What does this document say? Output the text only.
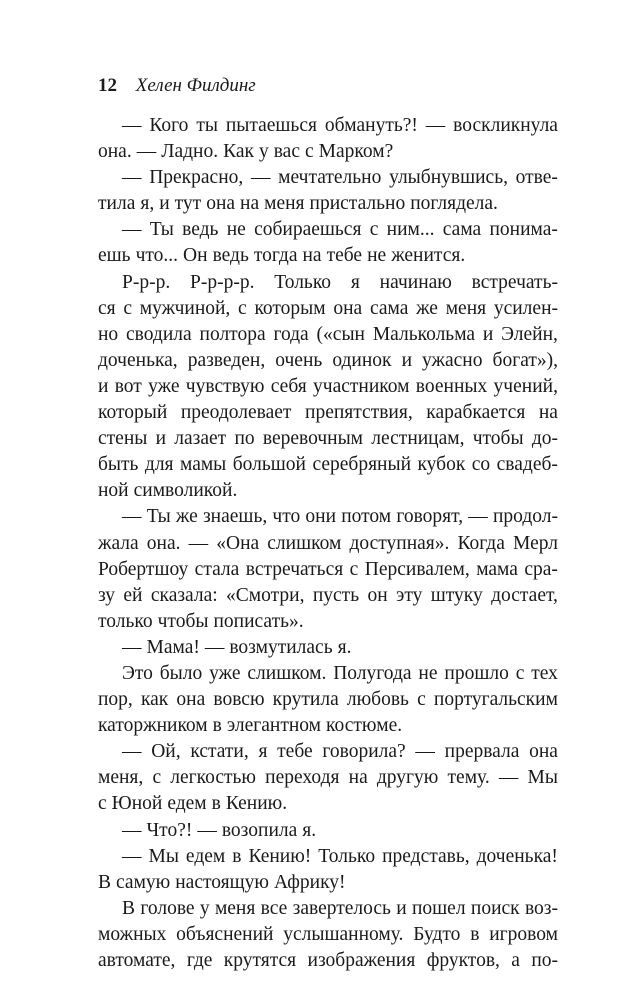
12 Хелен Филдинг
— Кого ты пытаешься обмануть?! — воскликнула
она. — Ладно. Как у вас с Марком?
— Прекрасно, — мечтательно улыбнувшись, отве-
тила я, и тут она на меня пристально поглядела.
— Ты ведь не собираешься с ним... сама понима-
ешь что... Он ведь тогда на тебе не женится.
Р-р-р. Р-р-р-р. Только я начинаю встречать-
ся с мужчиной, с которым она сама же меня усилен-
но сводила полтора года («сын Малькольма и Элейн,
доченька, разведен, очень одинок и ужасно богат»),
и вот уже чувствую себя участником военных учений,
который преодолевает препятствия, карабкается на
стены и лазает по веревочным лестницам, чтобы до-
быть для мамы большой серебряный кубок со свадеб-
ной символикой.
— Ты же знаешь, что они потом говорят, — продол-
жала она. — «Она слишком доступная». Когда Мерл
Робертшоу стала встречаться с Персивалем, мама сра-
зу ей сказала: «Смотри, пусть он эту штуку достает,
только чтобы пописать».
— Мама! — возмутилась я.
Это было уже слишком. Полугода не прошло с тех
пор, как она вовсю крутила любовь с португальским
каторжником в элегантном костюме.
— Ой, кстати, я тебе говорила? — прервала она
меня, с легкостью переходя на другую тему. — Мы
с Юной едем в Кению.
— Что?! — возопила я.
— Мы едем в Кению! Только представь, доченька!
В самую настоящую Африку!
В голове у меня все завертелось и пошел поиск воз-
можных объяснений услышанному. Будто в игровом
автомате, где крутятся изображения фруктов, а по-
